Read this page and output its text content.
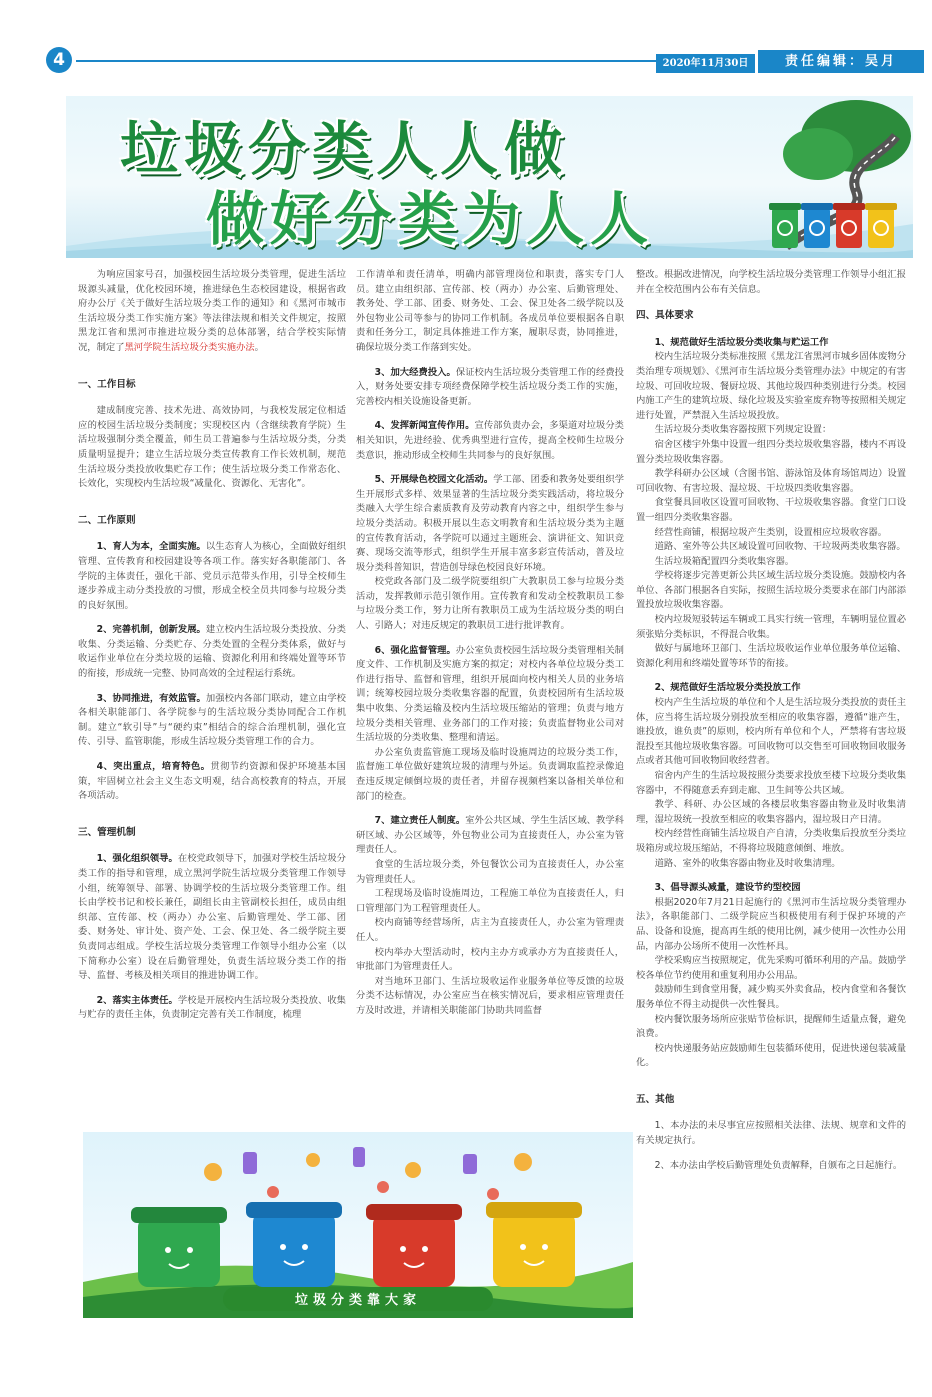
4	2020年11月30日	责任编辑：吴月
垃圾分类人人做
做好分类为人人

为响应国家号召，加强校园生活垃圾分类管理，促进生活垃圾源头减量，优化校园环境，推进绿色生态校园建设，根据省政府办公厅《关于做好生活垃圾分类工作的通知》和《黑河市城市生活垃圾分类工作实施方案》等法律法规和相关文件规定，按照黑龙江省和黑河市推进垃圾分类的总体部署，结合学校实际情况，制定了黑河学院生活垃圾分类实施办法。

一、工作目标

建成制度完善、技术先进、高效协同，与我校发展定位相适应的校园生活垃圾分类制度；实现校区内（含继续教育学院）生活垃圾强制分类全覆盖，师生员工普遍参与生活垃圾分类，分类质量明显提升；建立生活垃圾分类宣传教育工作长效机制，规范生活垃圾分类投放收集贮存工作；使生活垃圾分类工作常态化、长效化，实现校内生活垃圾“减量化、资源化、无害化”。

二、工作原则

1、育人为本，全面实施。以生态育人为核心，全面做好组织管理、宣传教育和校园建设等各项工作。落实好各职能部门、各学院的主体责任，强化干部、党员示范带头作用，引导全校师生逐步养成主动分类投放的习惯，形成全校全员共同参与垃圾分类的良好氛围。

2、完善机制，创新发展。建立校内生活垃圾分类投放、分类收集、分类运输、分类贮存、分类处置的全程分类体系，做好与收运作业单位在分类垃圾的运输、资源化利用和终端处置等环节的衔接，形成统一完整、协同高效的全过程运行系统。

3、协同推进，有效监管。加强校内各部门联动，建立由学校各相关职能部门、各学院参与的生活垃圾分类协同配合工作机制。建立“软引导”与“硬约束”相结合的综合治理机制，强化宣传、引导、监管职能，形成生活垃圾分类管理工作的合力。

4、突出重点，培育特色。贯彻节约资源和保护环境基本国策，牢固树立社会主义生态文明观，结合高校教育的特点，开展各项活动。

三、管理机制

1、强化组织领导。在校党政领导下，加强对学校生活垃圾分类工作的指导和管理，成立黑河学院生活垃圾分类管理工作领导小组，统筹领导、部署、协调学校的生活垃圾分类管理工作。组长由学校书记和校长兼任，副组长由主管副校长担任，成员由组织部、宣传部、校（两办）办公室、后勤管理处、学工部、团委、财务处、审计处、资产处、工会、保卫处、各二级学院主要负责同志组成。学校生活垃圾分类管理工作领导小组办公室（以下简称办公室）设在后勤管理处，负责生活垃圾分类工作的指导、监督、考核及相关项目的推进协调工作。

2、落实主体责任。学校是开展校内生活垃圾分类投放、收集与贮存的责任主体，负责制定完善有关工作制度，梳理

工作清单和责任清单，明确内部管理岗位和职责，落实专门人员。建立由组织部、宣传部、校（两办）办公室、后勤管理处、教务处、学工部、团委、财务处、工会、保卫处各二级学院以及外包物业公司等参与的协同工作机制。各成员单位要根据各自职责和任务分工，制定具体推进工作方案，履职尽责，协同推进，确保垃圾分类工作落到实处。

3、加大经费投入。保证校内生活垃圾分类管理工作的经费投入，财务处要安排专项经费保障学校生活垃圾分类工作的实施，完善校内相关设施设备更新。

4、发挥新闻宣传作用。宣传部负责办会，多渠道对垃圾分类相关知识，先进经验、优秀典型进行宣传，提高全校师生垃圾分类意识，推动形成全校师生共同参与的良好氛围。

5、开展绿色校园文化活动。学工部、团委和教务处要组织学生开展形式多样、效果显著的生活垃圾分类实践活动，将垃圾分类融入大学生综合素质教育及劳动教育内容之中，组织学生参与垃圾分类活动。积极开展以生态文明教育和生活垃圾分类为主题的宣传教育活动，各学院可以通过主题班会、演讲征文、知识竞赛、现场交流等形式，组织学生开展丰富多彩宣传活动，普及垃圾分类科普知识，营造创导绿色校园良好环境。

校党政各部门及二级学院要组织广大教职员工参与垃圾分类活动，发挥教师示范引领作用。宣传教育和发动全校教职员工参与垃圾分类工作，努力让所有教职员工成为生活垃圾分类的明白人、引路人；对违反规定的教职员工进行批评教育。

6、强化监督管理。办公室负责校园生活垃圾分类管理相关制度文件、工作机制及实施方案的拟定；对校内各单位垃圾分类工作进行指导、监督和管理，组织开展面向校内相关人员的业务培训；统筹校园垃圾分类收集容器的配置，负责校园所有生活垃圾集中收集、分类运输及校内生活垃圾压缩站的管理；负责与地方垃圾分类相关管理、业务部门的工作对接；负责监督物业公司对生活垃圾的分类收集、整理和清运。

办公室负责监管施工现场及临时设施周边的垃圾分类工作，监督施工单位做好建筑垃圾的清理与外运。负责调取监控录像追查违反规定倾倒垃圾的责任者，并留存视频档案以备相关单位和部门的检查。

7、建立责任人制度。室外公共区域、学生生活区域、教学科研区域、办公区域等，外包物业公司为直接责任人，办公室为管理责任人。

食堂的生活垃圾分类，外包餐饮公司为直接责任人，办公室为管理责任人。

工程现场及临时设施周边，工程施工单位为直接责任人，归口管理部门为工程管理责任人。

校内商铺等经营场所，店主为直接责任人，办公室为管理责任人。

校内举办大型活动时，校内主办方或承办方为直接责任人，审批部门为管理责任人。

对当地环卫部门、生活垃圾收运作业服务单位等反馈的垃圾分类不达标情况，办公室应当在核实情况后，要求相应管理责任方及时改进，并请相关职能部门协助共同监督

整改。根据改进情况，向学校生活垃圾分类管理工作领导小组汇报并在全校范围内公布有关信息。

四、具体要求

1、规范做好生活垃圾分类收集与贮运工作

校内生活垃圾分类标准按照《黑龙江省黑河市城乡固体废物分类治理专项规划》、《黑河市生活垃圾分类管理办法》中规定的有害垃圾、可回收垃圾、餐厨垃圾、其他垃圾四种类别进行分类。校园内施工产生的建筑垃圾、绿化垃圾及实验室废弃物等按照相关规定进行处置，严禁混入生活垃圾投放。

生活垃圾分类收集容器按照下列规定设置：

宿舍区楼宇外集中设置一组四分类垃圾收集容器，楼内不再设置分类垃圾收集容器。

教学科研办公区域（含图书馆、游泳馆及体育场馆周边）设置可回收物、有害垃圾、湿垃圾、干垃圾四类收集容器。

食堂餐具回收区设置可回收物、干垃圾收集容器。食堂门口设置一组四分类收集容器。

经营性商铺，根据垃圾产生类别，设置相应垃圾收容器。

道路、室外等公共区域设置可回收物、干垃圾两类收集容器。

生活垃圾箱配置四分类收集容器。

学校将逐步完善更新公共区域生活垃圾分类设施。鼓励校内各单位、各部门根据各自实际，按照生活垃圾分类要求在部门内部添置投放垃圾收集容器。

校内垃圾短驳转运车辆或工具实行统一管理，车辆明显位置必须张贴分类标识，不得混合收集。

做好与属地环卫部门、生活垃圾收运作业单位服务单位运输、资源化利用和终端处置等环节的衔接。

2、规范做好生活垃圾分类投放工作

校内产生生活垃圾的单位和个人是生活垃圾分类投放的责任主体，应当将生活垃圾分别投放至相应的收集容器，遵循“谁产生，谁投放，谁负责”的原则，校内所有单位和个人，严禁将有害垃圾混投至其他垃圾收集容器。可回收物可以交售至可回收物回收服务点或者其他可回收物回收经营者。

宿舍内产生的生活垃圾按照分类要求投放至楼下垃圾分类收集容器中，不得随意丢弃到走廊、卫生间等公共区域。

教学、科研、办公区域的各楼层收集容器由物业及时收集清理，湿垃圾统一投放至相应的收集容器内，湿垃圾日产日清。

校内经营性商铺生活垃圾自产自清，分类收集后投放至分类垃圾箱房或垃圾压缩站，不得将垃圾随意倾倒、堆放。

道路、室外的收集容器由物业及时收集清理。

3、倡导源头减量，建设节约型校园

根据2020年7月21日起施行的《黑河市生活垃圾分类管理办法》，各职能部门、二级学院应当积极使用有利于保护环境的产品、设备和设施，提高再生纸的使用比例，减少使用一次性办公用品，内部办公场所不使用一次性杯具。

学校采购应当按照规定，优先采购可循环利用的产品。鼓励学校各单位节约使用和重复利用办公用品。

鼓励师生到食堂用餐，减少购买外卖食品，校内食堂和各餐饮服务单位不得主动提供一次性餐具。

校内餐饮服务场所应张贴节俭标识，提醒师生适量点餐，避免浪费。

校内快递服务站应鼓励师生包装循环使用，促进快递包装减量化。

五、其他

1、本办法的未尽事宜应按照相关法律、法规、规章和文件的有关规定执行。

2、本办法由学校后勤管理处负责解释，自颁布之日起施行。

垃圾分类靠大家
